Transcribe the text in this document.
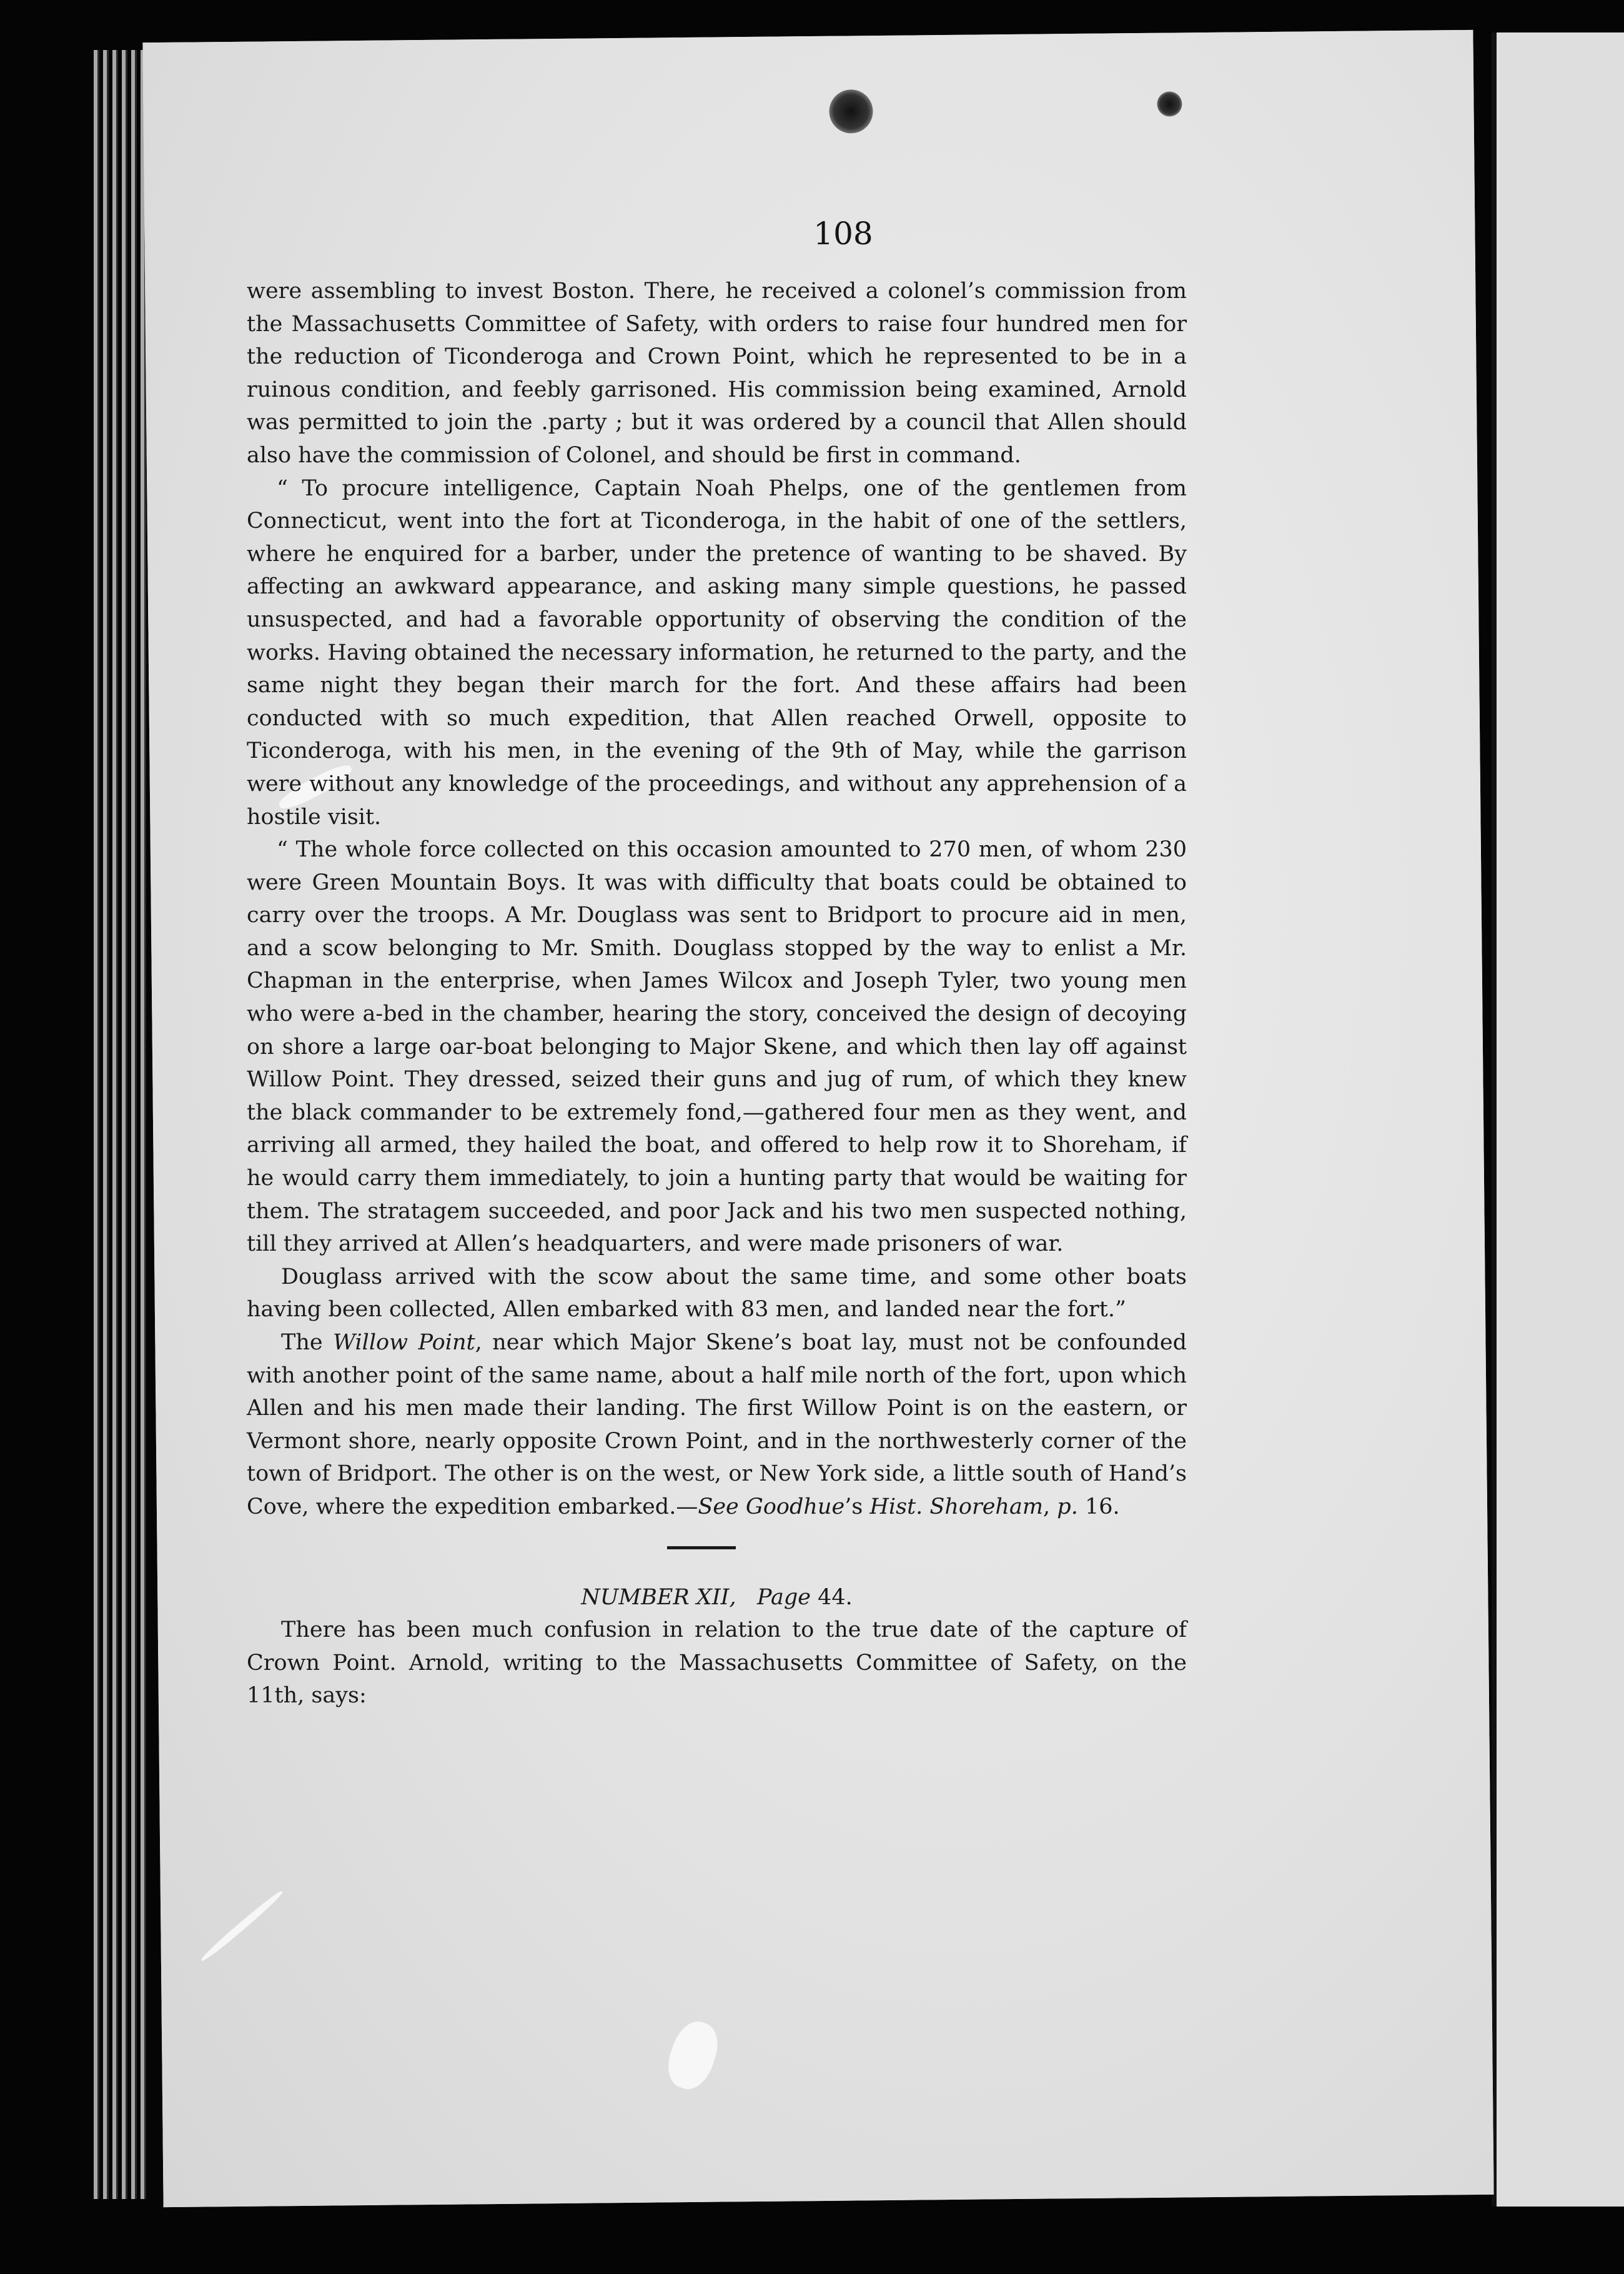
108

were assembling to invest Boston. There, he received a colonel’s commission from the Massachusetts Committee of Safety, with orders to raise four hundred men for the reduction of Ticonderoga and Crown Point, which he represented to be in a ruinous condition, and feebly garrisoned. His commission being examined, Arnold was permitted to join the .party ; but it was ordered by a council that Allen should also have the commission of Colonel, and should be first in command.

“ To procure intelligence, Captain Noah Phelps, one of the gentlemen from Connecticut, went into the fort at Ticonderoga, in the habit of one of the settlers, where he enquired for a barber, under the pretence of wanting to be shaved. By affecting an awkward appearance, and asking many simple questions, he passed unsuspected, and had a favorable opportunity of observing the condition of the works. Having obtained the necessary information, he returned to the party, and the same night they began their march for the fort. And these affairs had been conducted with so much expedition, that Allen reached Orwell, opposite to Ticonderoga, with his men, in the evening of the 9th of May, while the garrison were without any knowledge of the proceedings, and without any apprehension of a hostile visit.

“ The whole force collected on this occasion amounted to 270 men, of whom 230 were Green Mountain Boys. It was with difficulty that boats could be obtained to carry over the troops. A Mr. Douglass was sent to Bridport to procure aid in men, and a scow belonging to Mr. Smith. Douglass stopped by the way to enlist a Mr. Chapman in the enterprise, when James Wilcox and Joseph Tyler, two young men who were a-bed in the chamber, hearing the story, conceived the design of decoying on shore a large oar-boat belonging to Major Skene, and which then lay off against Willow Point. They dressed, seized their guns and jug of rum, of which they knew the black commander to be extremely fond,—gathered four men as they went, and arriving all armed, they hailed the boat, and offered to help row it to Shoreham, if he would carry them immediately, to join a hunting party that would be waiting for them. The stratagem succeeded, and poor Jack and his two men suspected nothing, till they arrived at Allen’s headquarters, and were made prisoners of war.

Douglass arrived with the scow about the same time, and some other boats having been collected, Allen embarked with 83 men, and landed near the fort.”

The Willow Point, near which Major Skene’s boat lay, must not be confounded with another point of the same name, about a half mile north of the fort, upon which Allen and his men made their landing. The first Willow Point is on the eastern, or Vermont shore, nearly opposite Crown Point, and in the northwesterly corner of the town of Bridport. The other is on the west, or New York side, a little south of Hand’s Cove, where the expedition embarked.—See Goodhue’s Hist. Shoreham, p. 16.

NUMBER XII, Page 44.

There has been much confusion in relation to the true date of the capture of Crown Point. Arnold, writing to the Massachusetts Committee of Safety, on the 11th, says:
